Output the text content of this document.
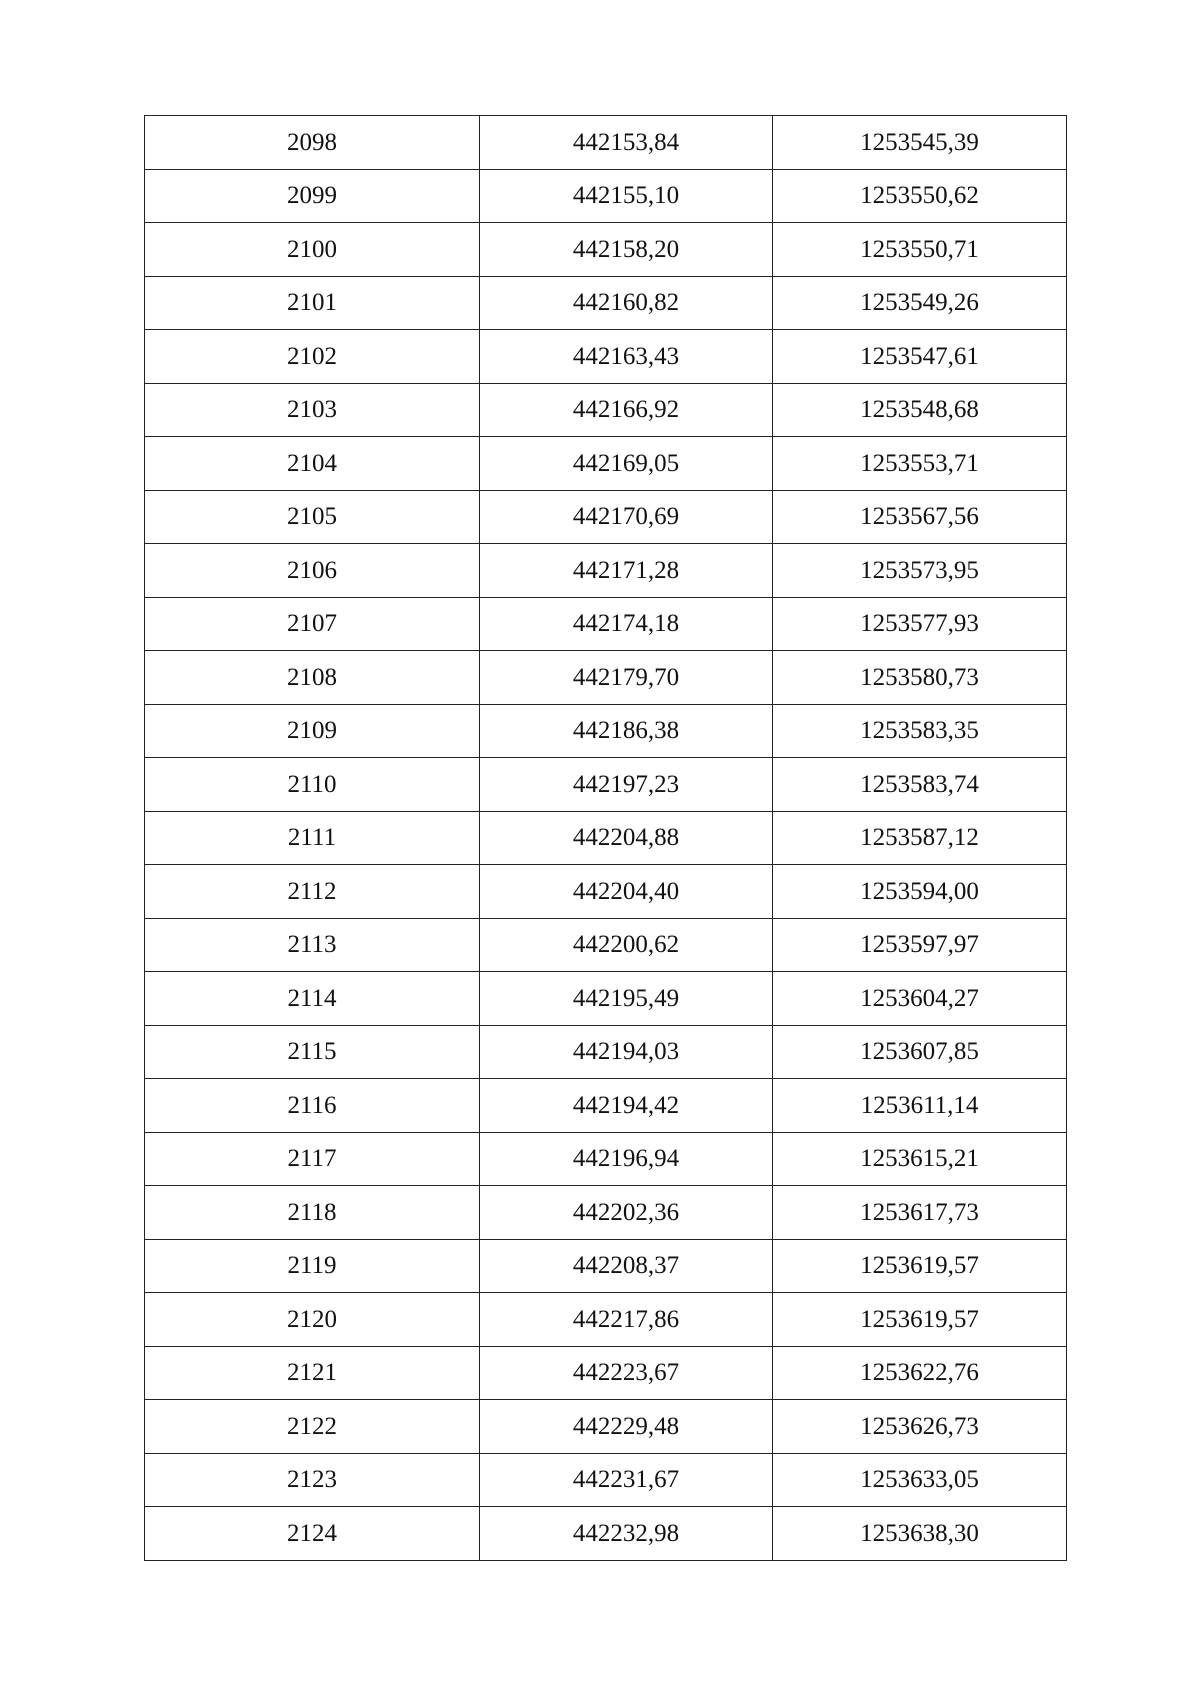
2098	442153,84	1253545,39
2099	442155,10	1253550,62
2100	442158,20	1253550,71
2101	442160,82	1253549,26
2102	442163,43	1253547,61
2103	442166,92	1253548,68
2104	442169,05	1253553,71
2105	442170,69	1253567,56
2106	442171,28	1253573,95
2107	442174,18	1253577,93
2108	442179,70	1253580,73
2109	442186,38	1253583,35
2110	442197,23	1253583,74
2111	442204,88	1253587,12
2112	442204,40	1253594,00
2113	442200,62	1253597,97
2114	442195,49	1253604,27
2115	442194,03	1253607,85
2116	442194,42	1253611,14
2117	442196,94	1253615,21
2118	442202,36	1253617,73
2119	442208,37	1253619,57
2120	442217,86	1253619,57
2121	442223,67	1253622,76
2122	442229,48	1253626,73
2123	442231,67	1253633,05
2124	442232,98	1253638,30
